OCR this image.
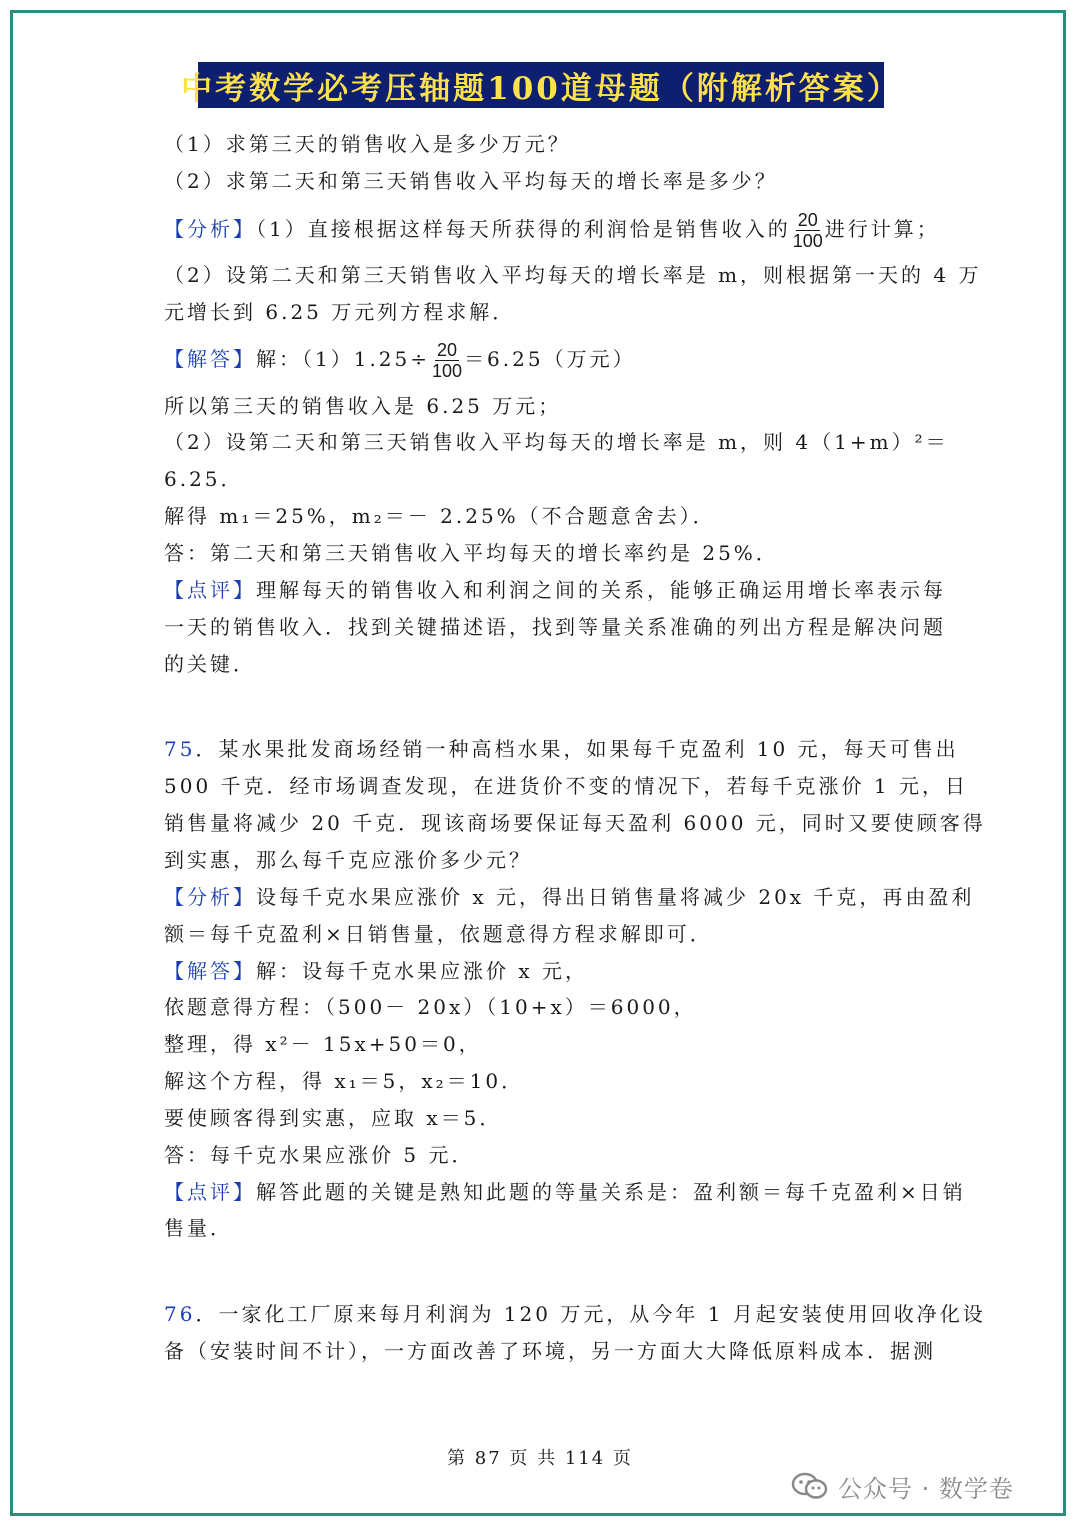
中考数学必考压轴题100道母题（附解析答案）
（1）求第三天的销售收入是多少万元？
（2）求第二天和第三天销售收入平均每天的增长率是多少？
【分析】（1）直接根据这样每天所获得的利润恰是销售收入的 $\frac{20}{100}$ 进行计算；
（2）设第二天和第三天销售收入平均每天的增长率是 m，则根据第一天的 4 万
元增长到 6.25 万元列方程求解．
【解答】解：$(1)1.25\div \frac{20}{100} =6.25$（万元）
所以第三天的销售收入是 6.25 万元；
（2）设第二天和第三天销售收入平均每天的增长率是 m，则 4（1+m）²＝
6.25．
解得 m₁＝25%，m₂＝－ 2.25%（不合题意舍去）．
答：第二天和第三天销售收入平均每天的增长率约是 25%．
【点评】理解每天的销售收入和利润之间的关系，能够正确运用增长率表示每
一天的销售收入．找到关键描述语，找到等量关系准确的列出方程是解决问题
的关键．
75．某水果批发商场经销一种高档水果，如果每千克盈利 10 元，每天可售出
500 千克．经市场调查发现，在进货价不变的情况下，若每千克涨价 1 元，日
销售量将减少 20 千克．现该商场要保证每天盈利 6000 元，同时又要使顾客得
到实惠，那么每千克应涨价多少元？
【分析】设每千克水果应涨价 x 元，得出日销售量将减少 20x 千克，再由盈利
额＝每千克盈利×日销售量，依题意得方程求解即可．
【解答】解：设每千克水果应涨价 x 元，
依题意得方程：（500－ 20x）（10+x）＝6000，
整理，得 x²－ 15x+50＝0，
解这个方程，得 x₁＝5，x₂＝10．
要使顾客得到实惠，应取 x＝5．
答：每千克水果应涨价 5 元．
【点评】解答此题的关键是熟知此题的等量关系是：盈利额＝每千克盈利×日销
售量．
76．一家化工厂原来每月利润为 120 万元，从今年 1 月起安装使用回收净化设
备（安装时间不计），一方面改善了环境，另一方面大大降低原料成本．据测
第 87 页 共 114 页
公众号 · 数学卷
